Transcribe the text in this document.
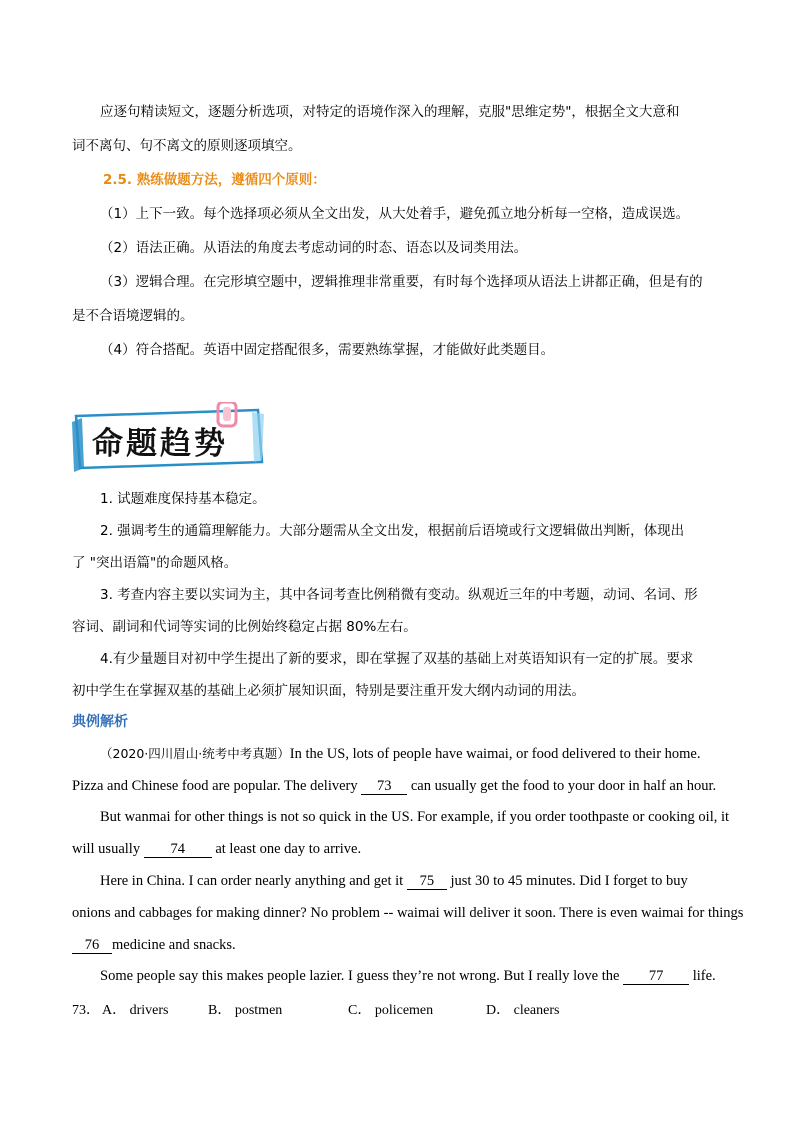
应逐句精读短文，逐题分析选项，对特定的语境作深入的理解，克服"思维定势"，根据全文大意和
词不离句、句不离文的原则逐项填空。
2.5. 熟练做题方法，遵循四个原则：
（1）上下一致。每个选择项必须从全文出发，从大处着手，避免孤立地分析每一空格，造成误选。
（2）语法正确。从语法的角度去考虑动词的时态、语态以及词类用法。
（3）逻辑合理。在完形填空题中，逻辑推理非常重要，有时每个选择项从语法上讲都正确，但是有的
是不合语境逻辑的。
（4）符合搭配。英语中固定搭配很多，需要熟练掌握，才能做好此类题目。
命题趋势
1. 试题难度保持基本稳定。
2. 强调考生的通篇理解能力。大部分题需从全文出发，根据前后语境或行文逻辑做出判断，体现出
了 "突出语篇"的命题风格。
3. 考查内容主要以实词为主，其中各词考查比例稍微有变动。纵观近三年的中考题，动词、名词、形
容词、副词和代词等实词的比例始终稳定占据 80%左右。
4.有少量题目对初中学生提出了新的要求，即在掌握了双基的基础上对英语知识有一定的扩展。要求
初中学生在掌握双基的基础上必须扩展知识面，特别是要注重开发大纲内动词的用法。
典例解析
（2020·四川眉山·统考中考真题）In the US, lots of people have waimai, or food delivered to their home.
Pizza and Chinese food are popular. The delivery 73 can usually get the food to your door in half an hour.
But wanmai for other things is not so quick in the US. For example, if you order toothpaste or cooking oil, it
will usually 74 at least one day to arrive.
Here in China. I can order nearly anything and get it 75 just 30 to 45 minutes. Did I forget to buy
onions and cabbages for making dinner? No problem -- waimai will deliver it soon. There is even waimai for things
76 medicine and snacks.
Some people say this makes people lazier. I guess they’re not wrong. But I really love the 77 life.
73． A． drivers	B． postmen	C． policemen	D． cleaners
